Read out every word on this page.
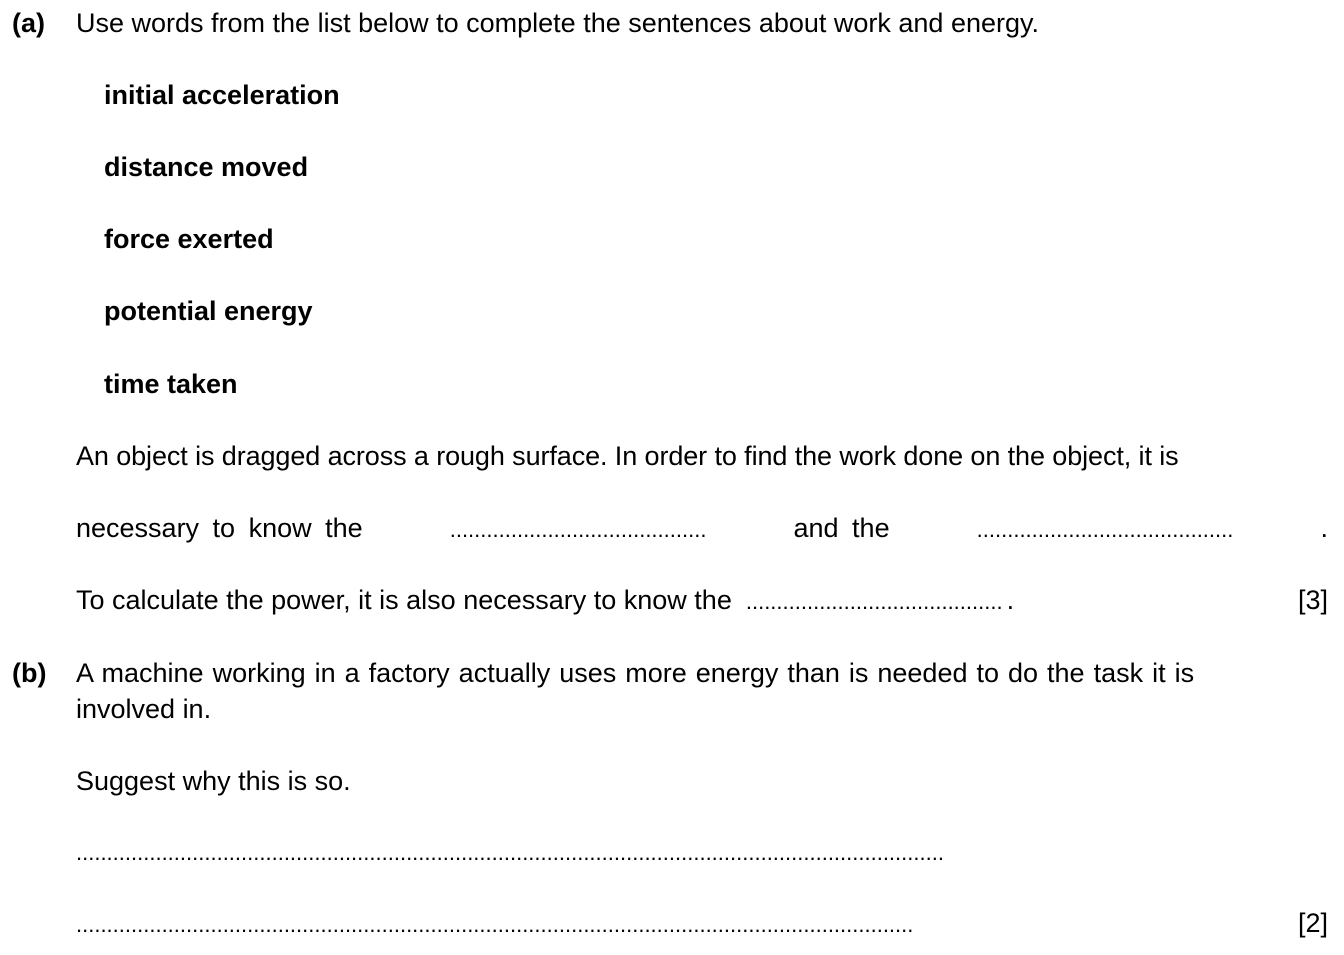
(a) Use words from the list below to complete the sentences about work and energy.
initial acceleration
distance moved
force exerted
potential energy
time taken
An object is dragged across a rough surface. In order to find the work done on the object, it is
necessary to know the	..........................................	and the	..........................................	.
To calculate the power, it is also necessary to know the .......................................... .	[3]
(b) A machine working in a factory actually uses more energy than is needed to do the task it is
involved in.
Suggest why this is so.
..............................................................................................................................................
.........................................................................................................................................	[2]
